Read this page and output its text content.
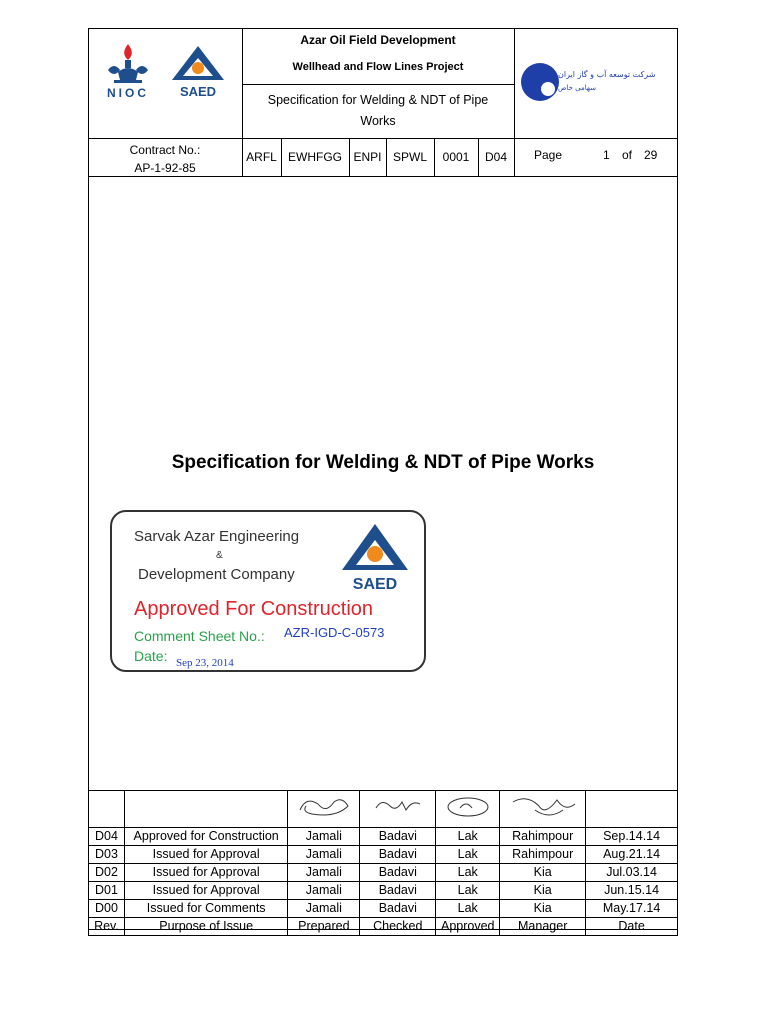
NIOC	SAED
Azar Oil Field Development
Wellhead and Flow Lines Project
Specification for Welding & NDT of Pipe
Works
شرکت توسعه آب و گاز ایران
سهامی خاص
Contract No.:
AP-1-92-85
ARFL EWHFGG ENPI SPWL	0001	D04	Page	1 of 29
Specification for Welding & NDT of Pipe Works
Sarvak Azar Engineering
&
Development Company
SAED
Approved For Construction
Comment Sheet No.: AZR-IGD-C-0573
Date: Sep 23, 2014

D04	Approved for Construction	Jamali	Badavi	Lak	Rahimpour	Sep.14.14
D03	Issued for Approval	Jamali	Badavi	Lak	Rahimpour	Aug.21.14
D02	Issued for Approval	Jamali	Badavi	Lak	Kia	Jul.03.14
D01	Issued for Approval	Jamali	Badavi	Lak	Kia	Jun.15.14
D00	Issued for Comments	Jamali	Badavi	Lak	Kia	May.17.14
Rev.	Purpose of Issue	Prepared	Checked	Approved	Manager	Date
